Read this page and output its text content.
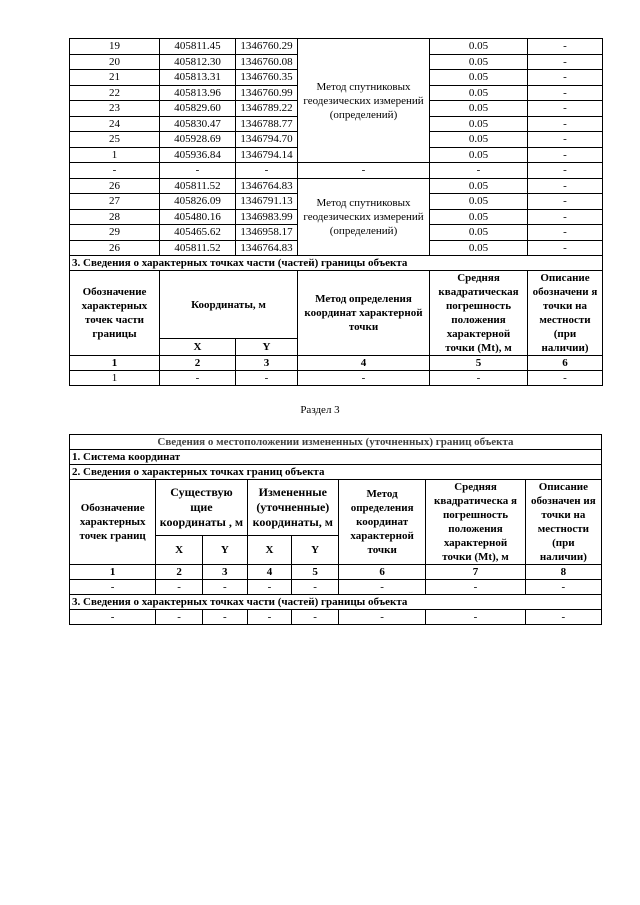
19	405811.45	1346760.29	Метод спутниковых геодезических измерений (определений)	0.05	-
20	405812.30	1346760.08		0.05	-
21	405813.31	1346760.35		0.05	-
22	405813.96	1346760.99		0.05	-
23	405829.60	1346789.22		0.05	-
24	405830.47	1346788.77		0.05	-
25	405928.69	1346794.70		0.05	-
1	405936.84	1346794.14		0.05	-
-	-	-	-	-	-
26	405811.52	1346764.83	Метод спутниковых геодезических измерений (определений)	0.05	-
27	405826.09	1346791.13		0.05	-
28	405480.16	1346983.99		0.05	-
29	405465.62	1346958.17		0.05	-
26	405811.52	1346764.83		0.05	-
3. Сведения о характерных точках части (частей) границы объекта					
Обозначение характерных точек части границы	Координаты, м		Метод определения координат характерной точки	Средняя квадратическая погрешность положения характерной точки (Mt), м	Описание обозначени я точки на местности (при наличии)
	X	Y			
1	2	3	4	5	6
1	-	-	-	-	-
Раздел 3
Сведения о местоположении измененных (уточненных) границ объекта							
1. Система координат							
2. Сведения о характерных точках границ объекта							
Обозначение характерных точек границ	Существую щие координаты , м		Измененные (уточненные) координаты, м		Метод определения координат характерной точки	Средняя квадратическа я погрешность положения характерной точки (Mt), м	Описание обозначен ия точки на местности (при наличии)
	X	Y	X	Y			
1	2	3	4	5	6	7	8
-	-	-	-	-	-	-	-
3. Сведения о характерных точках части (частей) границы объекта							
-	-	-	-	-	-	-	-
